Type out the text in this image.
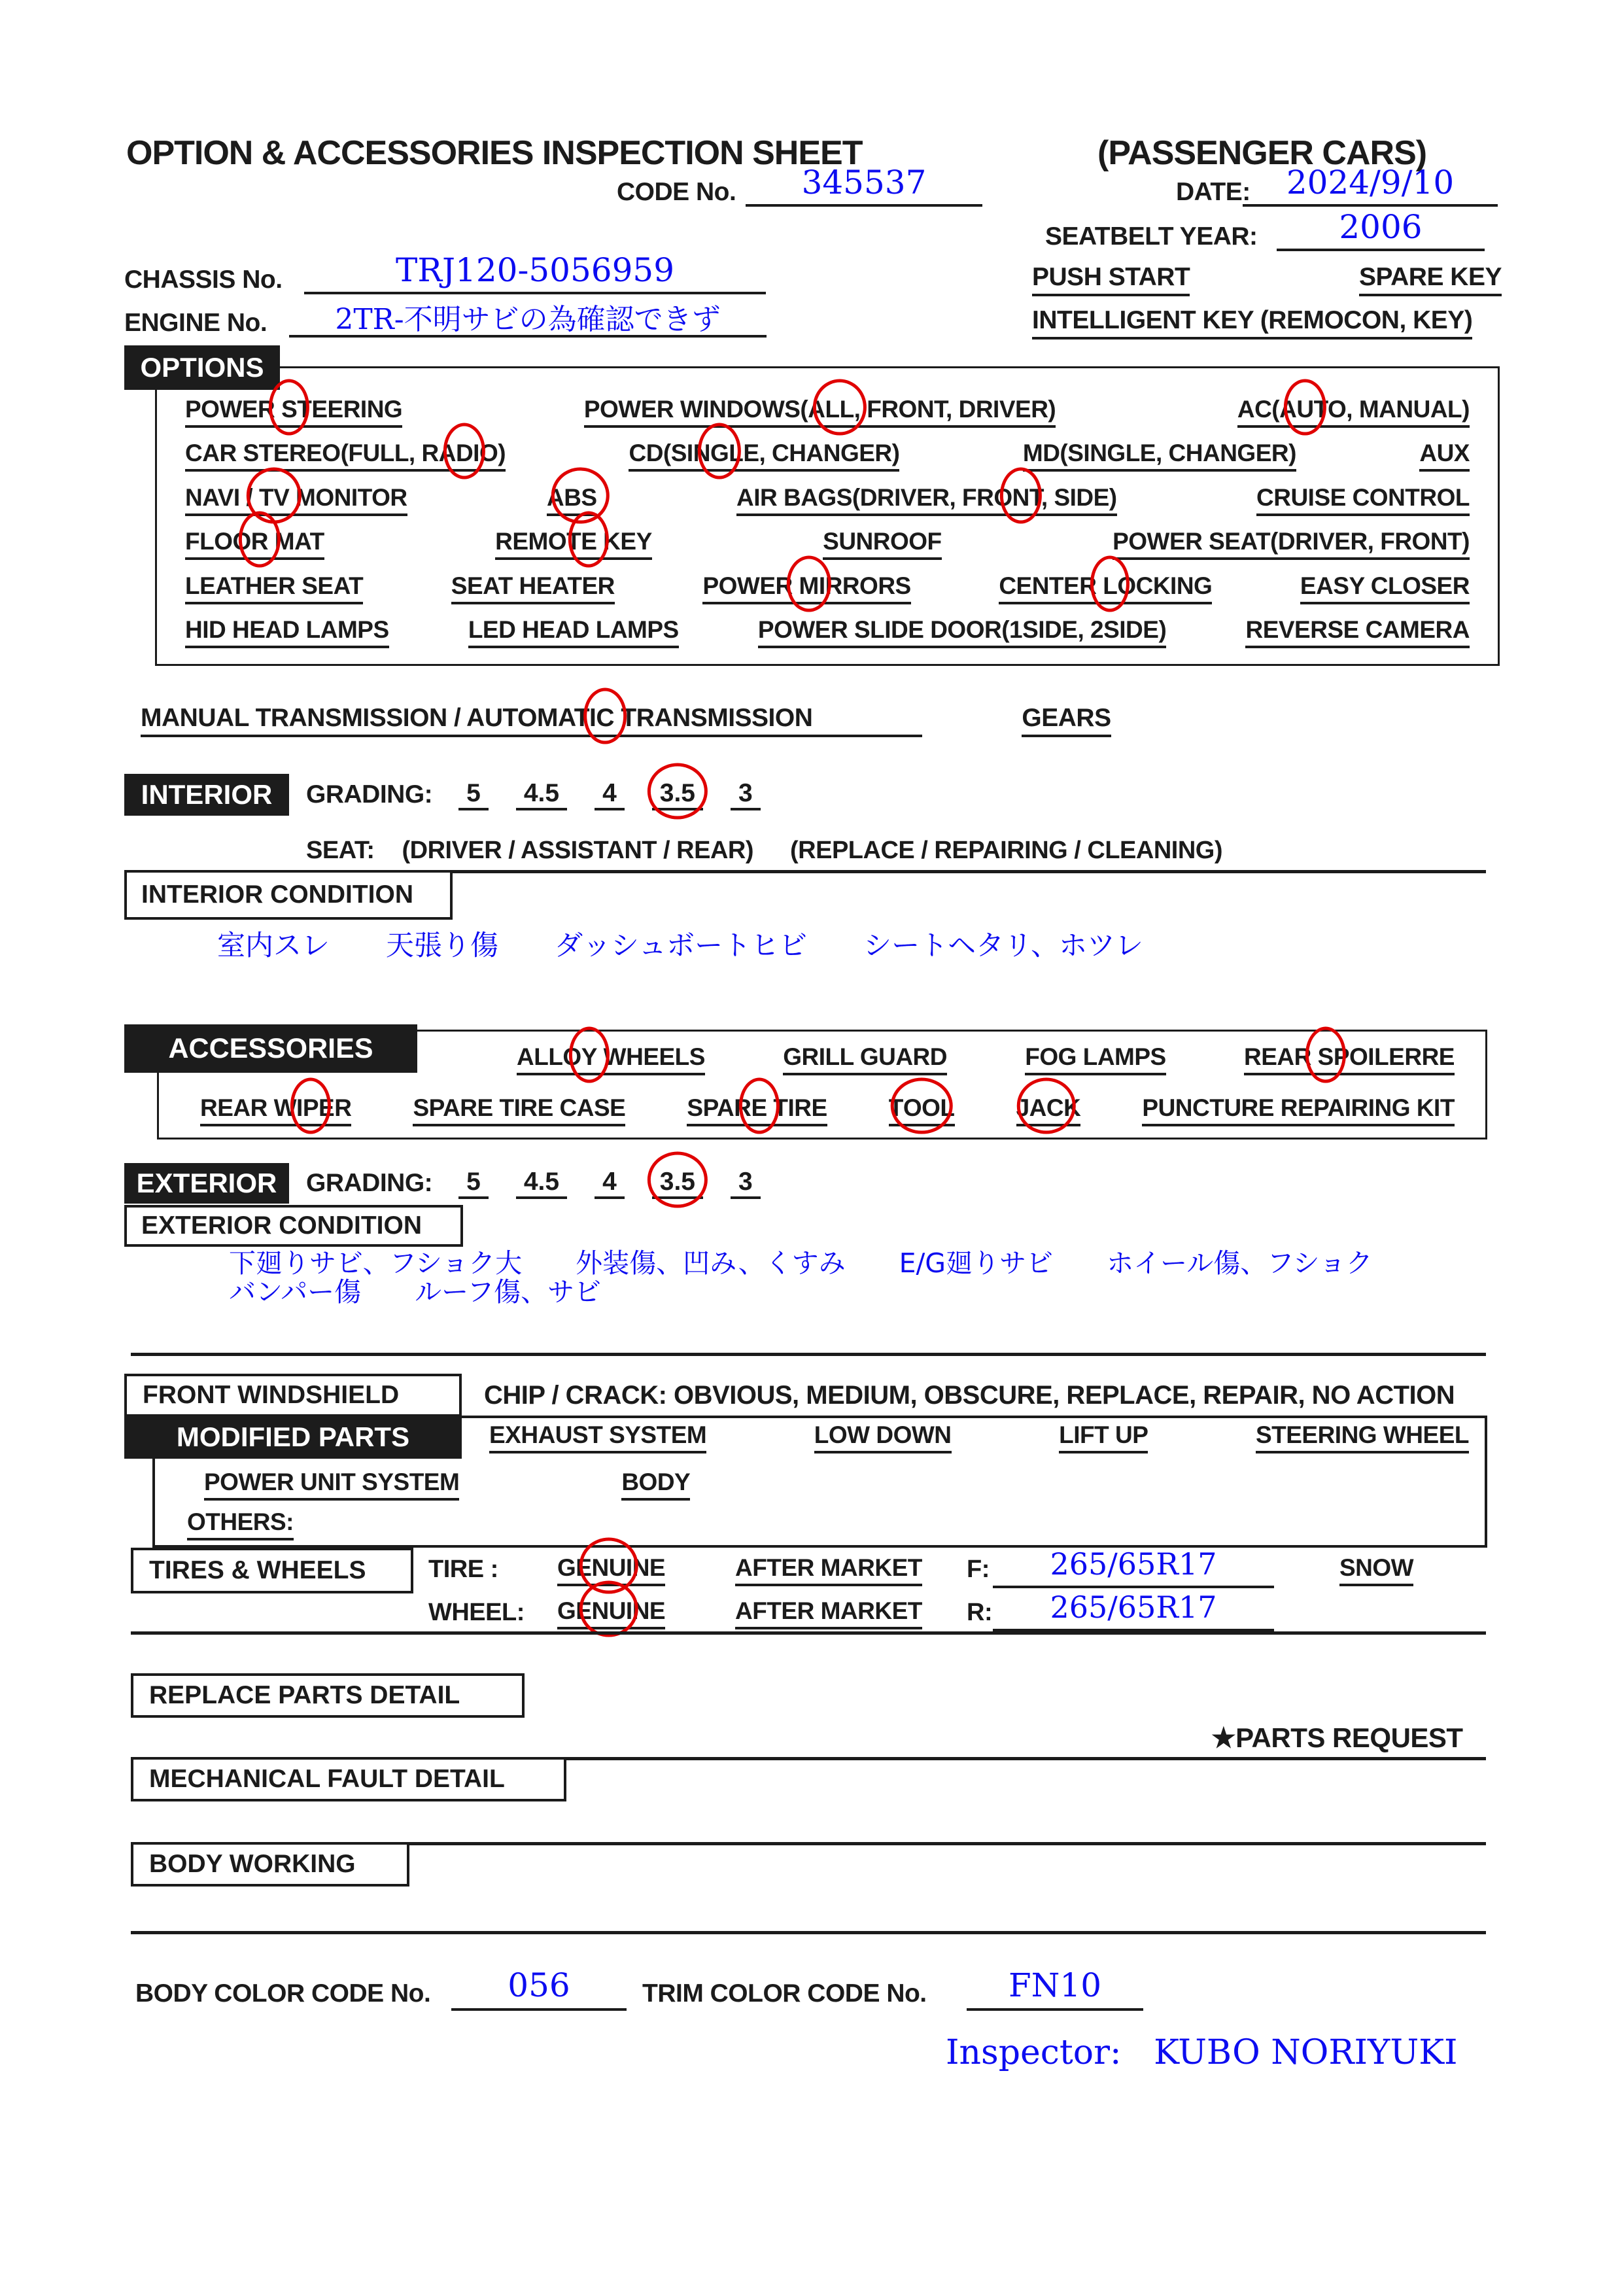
OPTION & ACCESSORIES INSPECTION SHEET	(PASSENGER CARS)
CODE No.	345537	DATE:	2024/9/10
SEATBELT YEAR:	2006
CHASSIS No.	TRJ120-5056959	PUSH START	SPARE KEY
ENGINE No.	2TR-不明サビの為確認できず	INTELLIGENT KEY (REMOCON, KEY)
OPTIONS
POWER STEERING	POWER WINDOWS(ALL, FRONT, DRIVER)	AC(AUTO, MANUAL)
CAR STEREO(FULL, RADIO)	CD(SINGLE, CHANGER)	MD(SINGLE, CHANGER)	AUX
NAVI / TV MONITOR	ABS	AIR BAGS(DRIVER, FRONT, SIDE)	CRUISE CONTROL
FLOOR MAT	REMOTE KEY	SUNROOF	POWER SEAT(DRIVER, FRONT)
LEATHER SEAT	SEAT HEATER	POWER MIRRORS	CENTER LOCKING	EASY CLOSER
HID HEAD LAMPS	LED HEAD LAMPS	POWER SLIDE DOOR(1SIDE, 2SIDE)	REVERSE CAMERA
MANUAL TRANSMISSION / AUTOMATIC TRANSMISSION	GEARS
INTERIOR	GRADING:	5	4.5	4	3.5	3
SEAT: (DRIVER / ASSISTANT / REAR) (REPLACE / REPAIRING / CLEANING)
INTERIOR CONDITION
室内スレ　　天張り傷　　ダッシュボートヒビ　　シートヘタリ、ホツレ
ACCESSORIES	ALLOY WHEELS	GRILL GUARD	FOG LAMPS	REAR SPOILERRE
REAR WIPER	SPARE TIRE CASE	SPARE TIRE	TOOL	JACK	PUNCTURE REPAIRING KIT
EXTERIOR	GRADING:	5	4.5	4	3.5	3
EXTERIOR CONDITION
下廻りサビ、フショク大　　外装傷、凹み、くすみ　　E/G廻りサビ　　ホイール傷、フショク
バンパー傷　　ルーフ傷、サビ
FRONT WINDSHIELD	CHIP / CRACK: OBVIOUS, MEDIUM, OBSCURE, REPLACE, REPAIR, NO ACTION
MODIFIED PARTS	EXHAUST SYSTEM	LOW DOWN	LIFT UP	STEERING WHEEL
POWER UNIT SYSTEM	BODY
OTHERS:
TIRES & WHEELS	TIRE : GENUINE	AFTER MARKET F:	265/65R17	SNOW
WHEEL: GENUINE	AFTER MARKET R:	265/65R17
REPLACE PARTS DETAIL
★PARTS REQUEST
MECHANICAL FAULT DETAIL
BODY WORKING
BODY COLOR CODE No.	056	TRIM COLOR CODE No.	FN10
Inspector: KUBO NORIYUKI
